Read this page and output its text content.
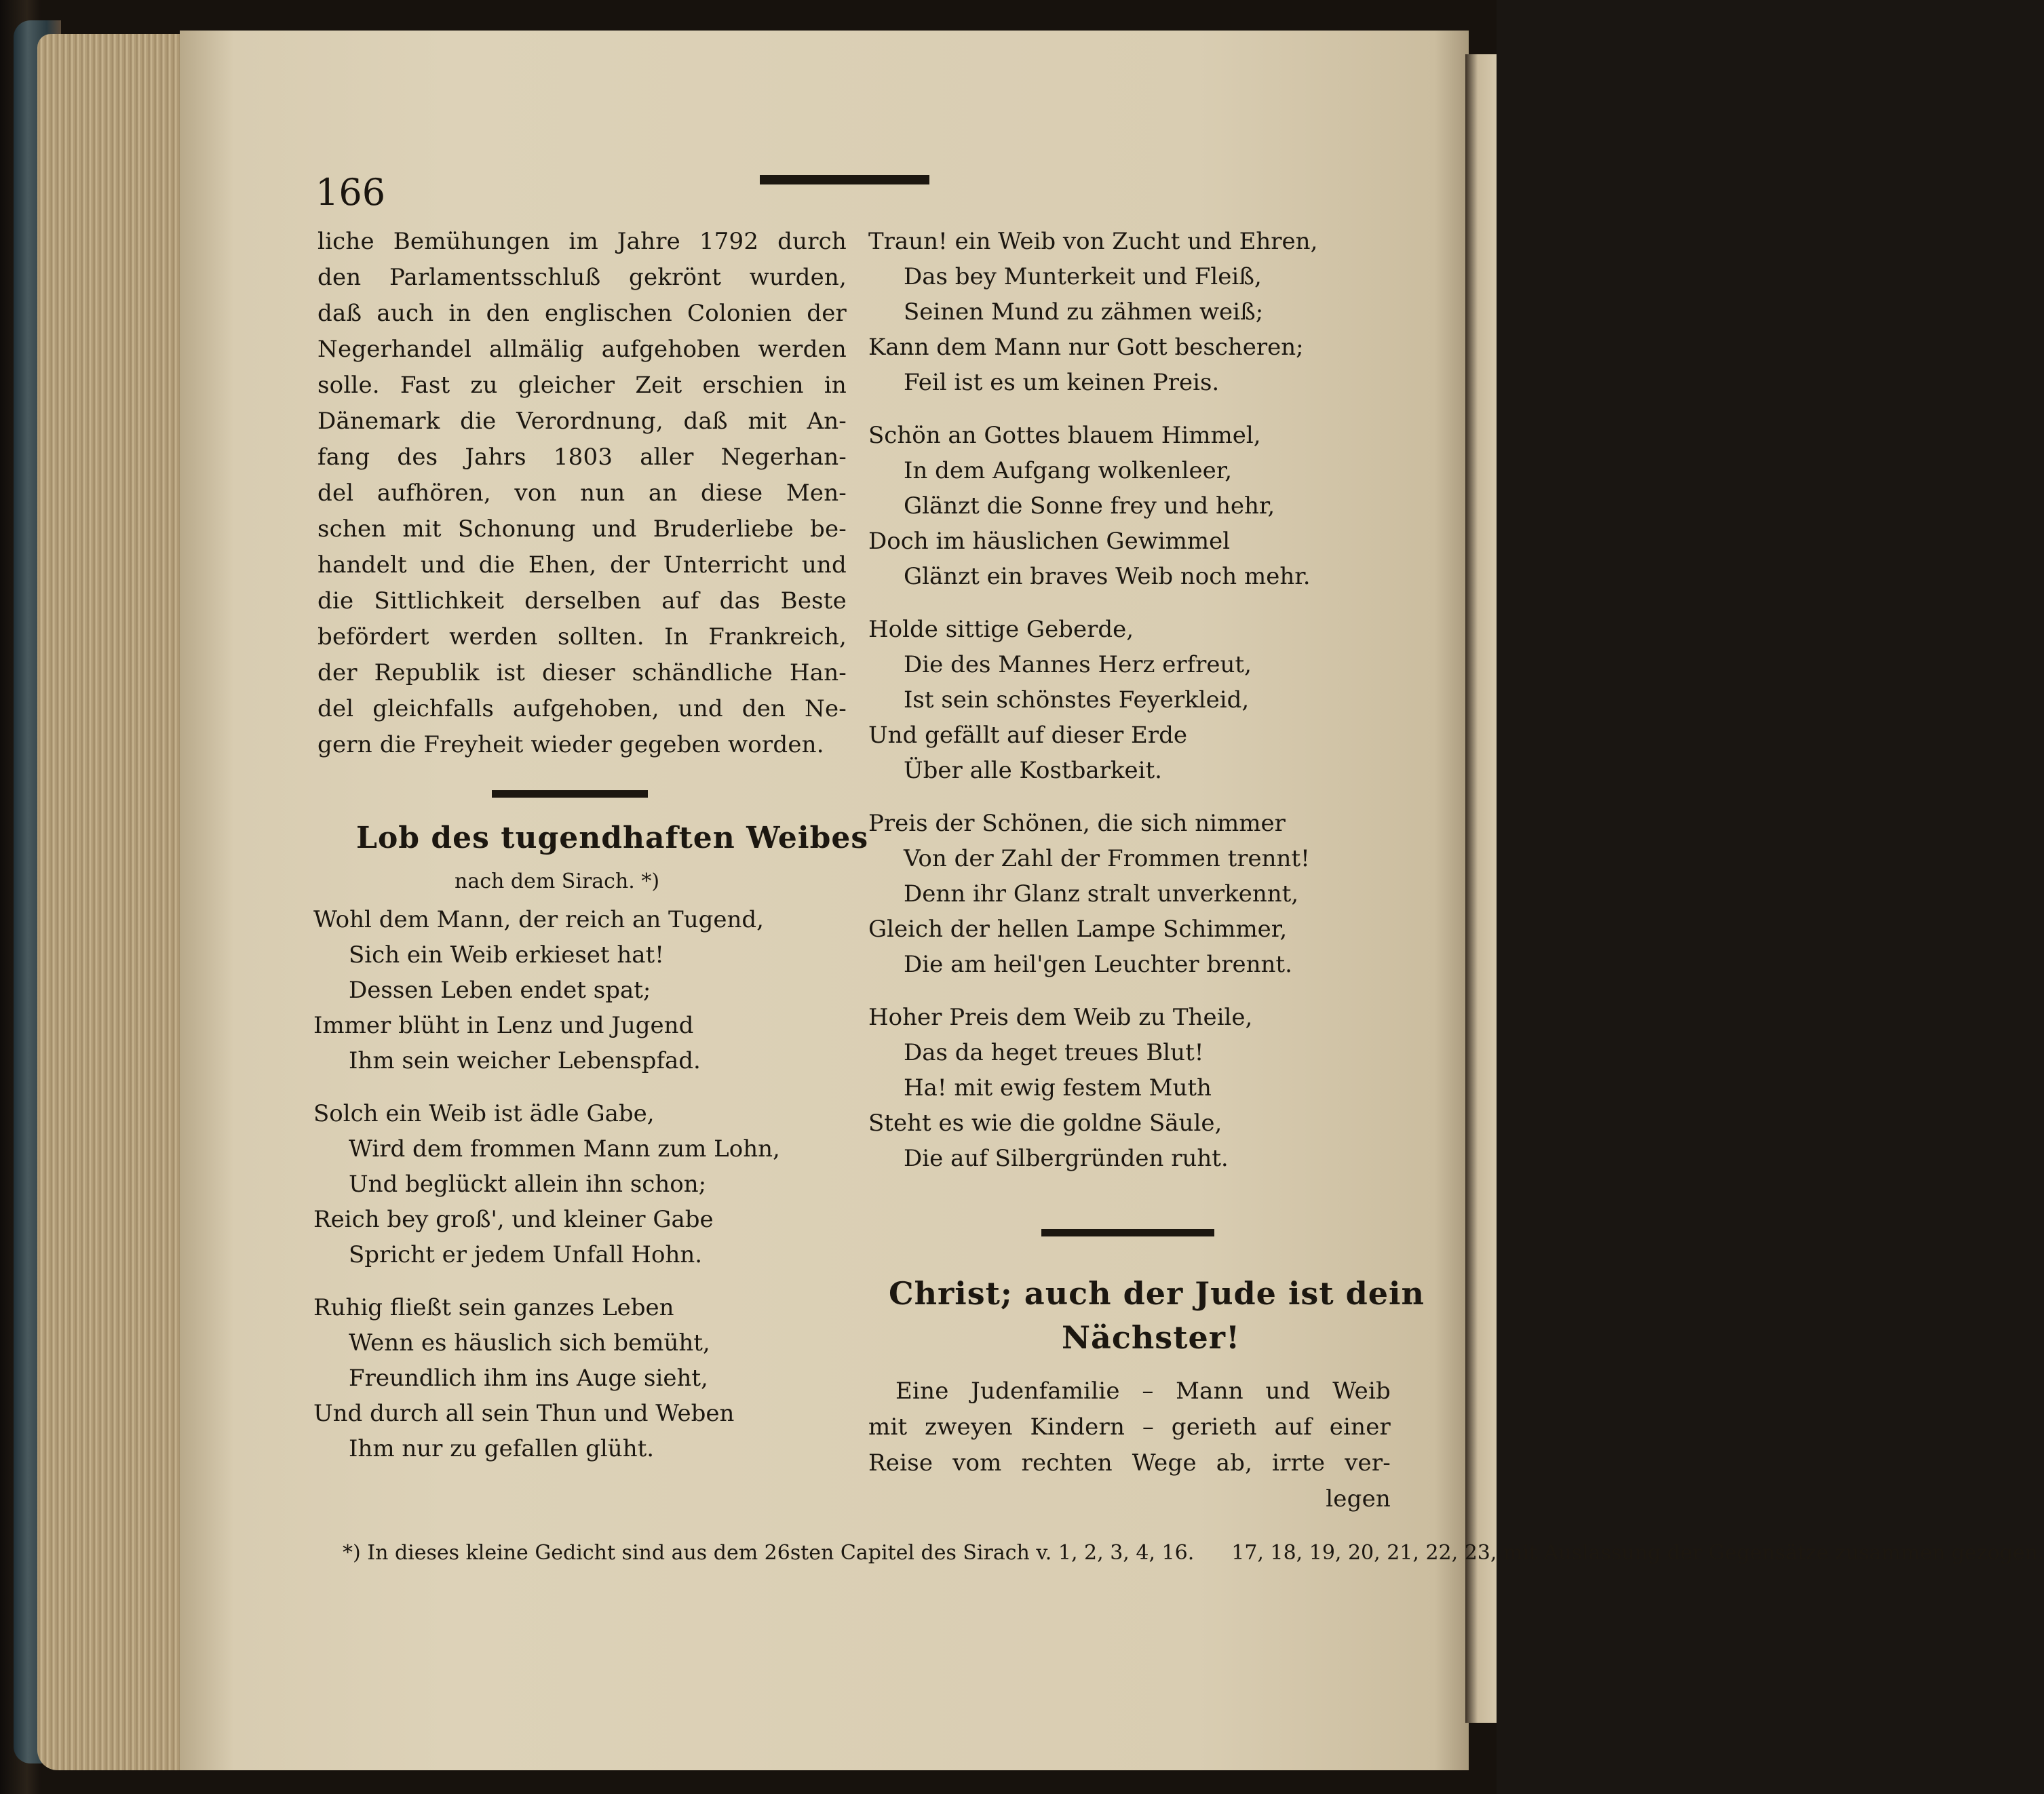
166
liche Bemühungen im Jahre 1792 durch
den Parlamentsschluß gekrönt wurden,
daß auch in den englischen Colonien der
Negerhandel allmälig aufgehoben werden
solle. Fast zu gleicher Zeit erschien in
Dänemark die Verordnung, daß mit An-
fang des Jahrs 1803 aller Negerhan-
del aufhören, von nun an diese Men-
schen mit Schonung und Bruderliebe be-
handelt und die Ehen, der Unterricht und
die Sittlichkeit derselben auf das Beste
befördert werden sollten. In Frankreich,
der Republik ist dieser schändliche Han-
del gleichfalls aufgehoben, und den Ne-
gern die Freyheit wieder gegeben worden.
Lob des tugendhaften Weibes
nach dem Sirach. *)
Wohl dem Mann, der reich an Tugend,
Sich ein Weib erkieset hat!
Dessen Leben endet spat;
Immer blüht in Lenz und Jugend
Ihm sein weicher Lebenspfad.
Solch ein Weib ist ädle Gabe,
Wird dem frommen Mann zum Lohn,
Und beglückt allein ihn schon;
Reich bey groß', und kleiner Gabe
Spricht er jedem Unfall Hohn.
Ruhig fließt sein ganzes Leben
Wenn es häuslich sich bemüht,
Freundlich ihm ins Auge sieht,
Und durch all sein Thun und Weben
Ihm nur zu gefallen glüht.
Traun! ein Weib von Zucht und Ehren,
Das bey Munterkeit und Fleiß,
Seinen Mund zu zähmen weiß;
Kann dem Mann nur Gott bescheren;
Feil ist es um keinen Preis.
Schön an Gottes blauem Himmel,
In dem Aufgang wolkenleer,
Glänzt die Sonne frey und hehr,
Doch im häuslichen Gewimmel
Glänzt ein braves Weib noch mehr.
Holde sittige Geberde,
Die des Mannes Herz erfreut,
Ist sein schönstes Feyerkleid,
Und gefällt auf dieser Erde
Über alle Kostbarkeit.
Preis der Schönen, die sich nimmer
Von der Zahl der Frommen trennt!
Denn ihr Glanz stralt unverkennt,
Gleich der hellen Lampe Schimmer,
Die am heil'gen Leuchter brennt.
Hoher Preis dem Weib zu Theile,
Das da heget treues Blut!
Ha! mit ewig festem Muth
Steht es wie die goldne Säule,
Die auf Silbergründen ruht.
Christ; auch der Jude ist dein
Nächster!
Eine Judenfamilie – Mann und Weib
mit zweyen Kindern – gerieth auf einer
Reise vom rechten Wege ab, irrte ver-
legen
*) In dieses kleine Gedicht sind aus dem 26sten Capitel des Sirach v. 1, 2, 3, 4, 16. 17, 18, 19, 20, 21, 22, 23, mit Auslassung der Gegensätze zusammen gezogen.
